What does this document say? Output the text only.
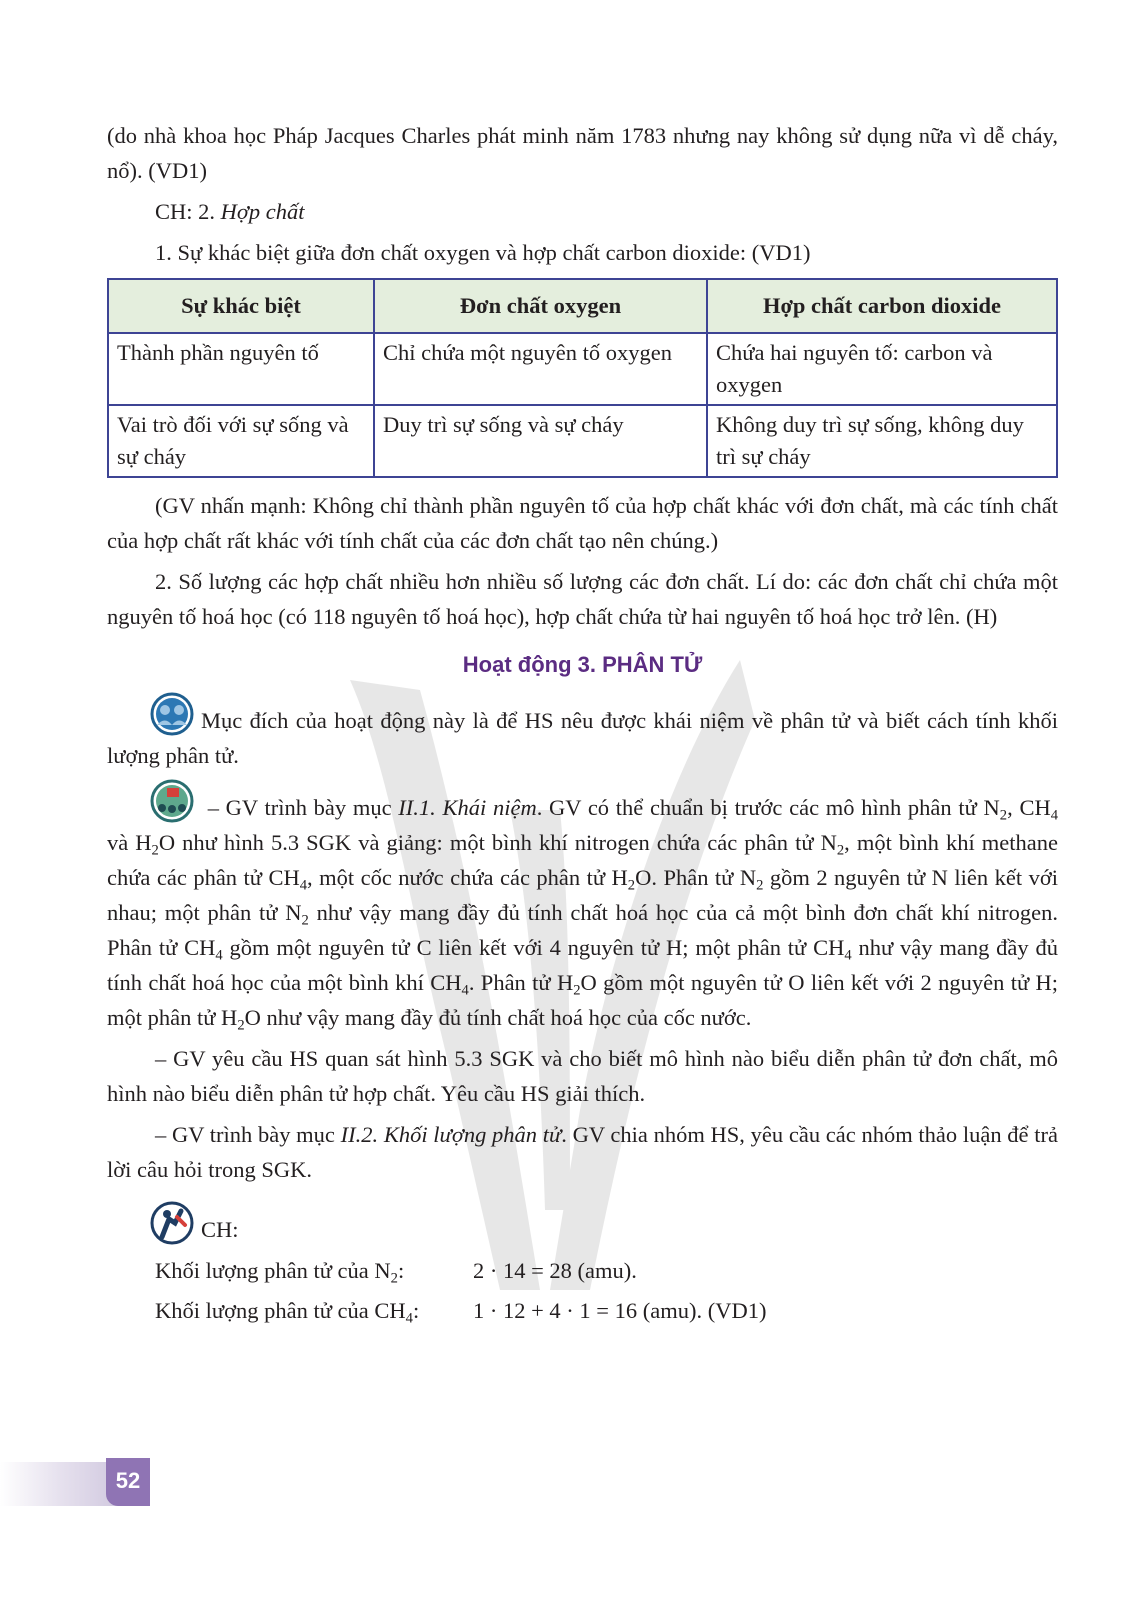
(do nhà khoa học Pháp Jacques Charles phát minh năm 1783 nhưng nay không sử dụng nữa vì dễ cháy, nổ). (VD1)

CH: 2. Hợp chất

1. Sự khác biệt giữa đơn chất oxygen và hợp chất carbon dioxide: (VD1)

Sự khác biệt	Đơn chất oxygen	Hợp chất carbon dioxide
Thành phần nguyên tố	Chỉ chứa một nguyên tố oxygen	Chứa hai nguyên tố: carbon và oxygen
Vai trò đối với sự sống và sự cháy	Duy trì sự sống và sự cháy	Không duy trì sự sống, không duy trì sự cháy

(GV nhấn mạnh: Không chỉ thành phần nguyên tố của hợp chất khác với đơn chất, mà các tính chất của hợp chất rất khác với tính chất của các đơn chất tạo nên chúng.)

2. Số lượng các hợp chất nhiều hơn nhiều số lượng các đơn chất. Lí do: các đơn chất chỉ chứa một nguyên tố hoá học (có 118 nguyên tố hoá học), hợp chất chứa từ hai nguyên tố hoá học trở lên. (H)

Hoạt động 3. PHÂN TỬ

Mục đích của hoạt động này là để HS nêu được khái niệm về phân tử và biết cách tính khối lượng phân tử.

– GV trình bày mục II.1. Khái niệm. GV có thể chuẩn bị trước các mô hình phân tử $N_2$, $CH_4$ và $H_2O$ như hình 5.3 SGK và giảng: một bình khí nitrogen chứa các phân tử $N_2$, một bình khí methane chứa các phân tử $CH_4$, một cốc nước chứa các phân tử $H_2O$. Phân tử $N_2$ gồm 2 nguyên tử N liên kết với nhau; một phân tử $N_2$ như vậy mang đầy đủ tính chất hoá học của cả một bình đơn chất khí nitrogen. Phân tử $CH_4$ gồm một nguyên tử C liên kết với 4 nguyên tử H; một phân tử $CH_4$ như vậy mang đầy đủ tính chất hoá học của một bình khí $CH_4$. Phân tử $H_2O$ gồm một nguyên tử O liên kết với 2 nguyên tử H; một phân tử $H_2O$ như vậy mang đầy đủ tính chất hoá học của cốc nước.

– GV yêu cầu HS quan sát hình 5.3 SGK và cho biết mô hình nào biểu diễn phân tử đơn chất, mô hình nào biểu diễn phân tử hợp chất. Yêu cầu HS giải thích.

– GV trình bày mục II.2. Khối lượng phân tử. GV chia nhóm HS, yêu cầu các nhóm thảo luận để trả lời câu hỏi trong SGK.

CH:

Khối lượng phân tử của $N_2$:	2 · 14 = 28 (amu).
Khối lượng phân tử của $CH_4$:	1 · 12 + 4 · 1 = 16 (amu). (VD1)
52
